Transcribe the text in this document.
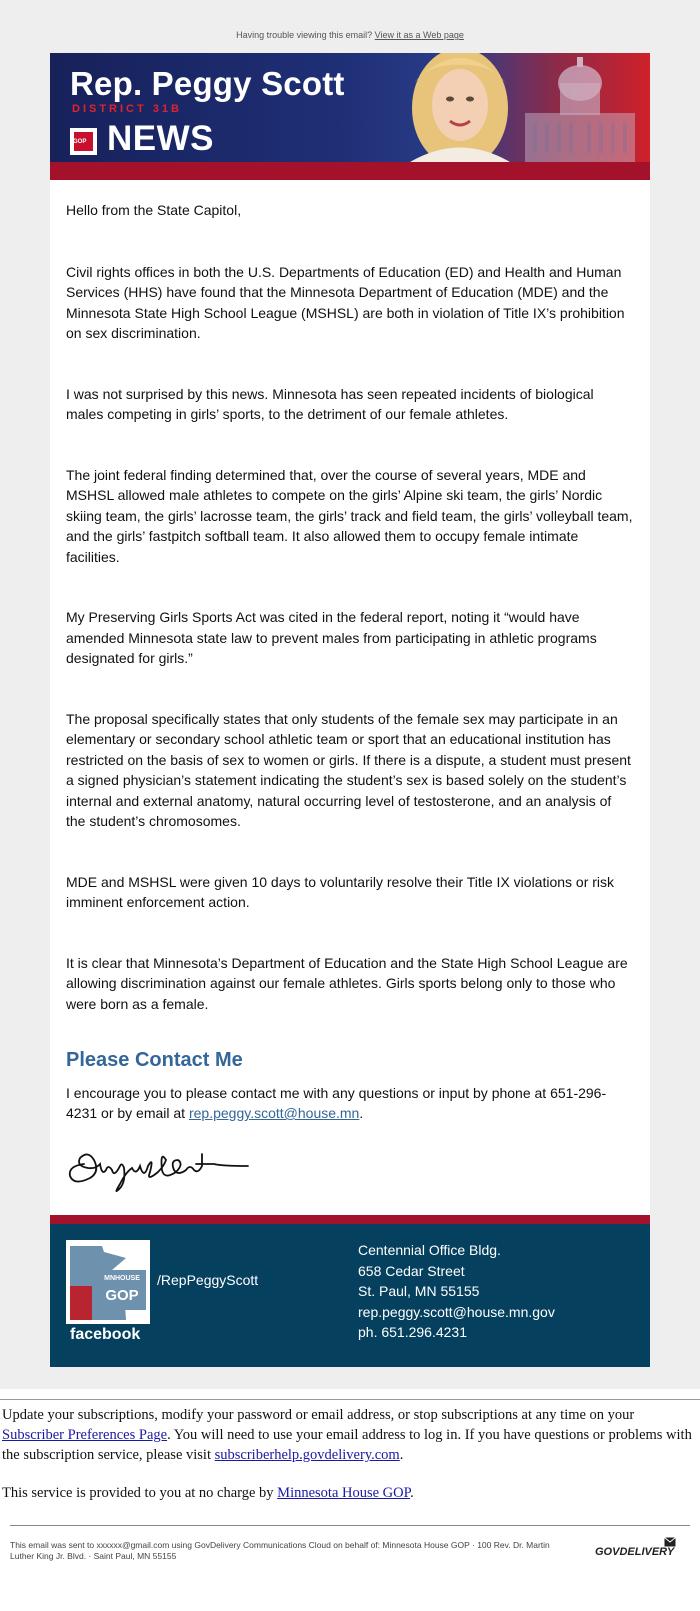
Having trouble viewing this email? View it as a Web page
Rep. Peggy Scott
DISTRICT 31B
GOP NEWS

Hello from the State Capitol,

Civil rights offices in both the U.S. Departments of Education (ED) and Health and Human Services (HHS) have found that the Minnesota Department of Education (MDE) and the Minnesota State High School League (MSHSL) are both in violation of Title IX’s prohibition on sex discrimination.

I was not surprised by this news. Minnesota has seen repeated incidents of biological males competing in girls’ sports, to the detriment of our female athletes.

The joint federal finding determined that, over the course of several years, MDE and MSHSL allowed male athletes to compete on the girls’ Alpine ski team, the girls’ Nordic skiing team, the girls’ lacrosse team, the girls’ track and field team, the girls’ volleyball team, and the girls’ fastpitch softball team. It also allowed them to occupy female intimate facilities.

My Preserving Girls Sports Act was cited in the federal report, noting it “would have amended Minnesota state law to prevent males from participating in athletic programs designated for girls.”

The proposal specifically states that only students of the female sex may participate in an elementary or secondary school athletic team or sport that an educational institution has restricted on the basis of sex to women or girls. If there is a dispute, a student must present a signed physician’s statement indicating the student’s sex is based solely on the student’s internal and external anatomy, natural occurring level of testosterone, and an analysis of the student’s chromosomes.

MDE and MSHSL were given 10 days to voluntarily resolve their Title IX violations or risk imminent enforcement action.

It is clear that Minnesota’s Department of Education and the State High School League are allowing discrimination against our female athletes. Girls sports belong only to those who were born as a female.

Please Contact Me
I encourage you to please contact me with any questions or input by phone at 651-296-4231 or by email at rep.peggy.scott@house.mn.
MNHOUSE
GOP
facebook
/RepPeggyScott
Centennial Office Bldg.
658 Cedar Street
St. Paul, MN 55155
rep.peggy.scott@house.mn.gov
ph. 651.296.4231

Update your subscriptions, modify your password or email address, or stop subscriptions at any time on your Subscriber Preferences Page. You will need to use your email address to log in. If you have questions or problems with the subscription service, please visit subscriberhelp.govdelivery.com.

This service is provided to you at no charge by Minnesota House GOP.

This email was sent to xxxxxx@gmail.com using GovDelivery Communications Cloud on behalf of: Minnesota House GOP · 100 Rev. Dr. Martin Luther King Jr. Blvd. · Saint Paul, MN 55155	GOVDELIVERY
